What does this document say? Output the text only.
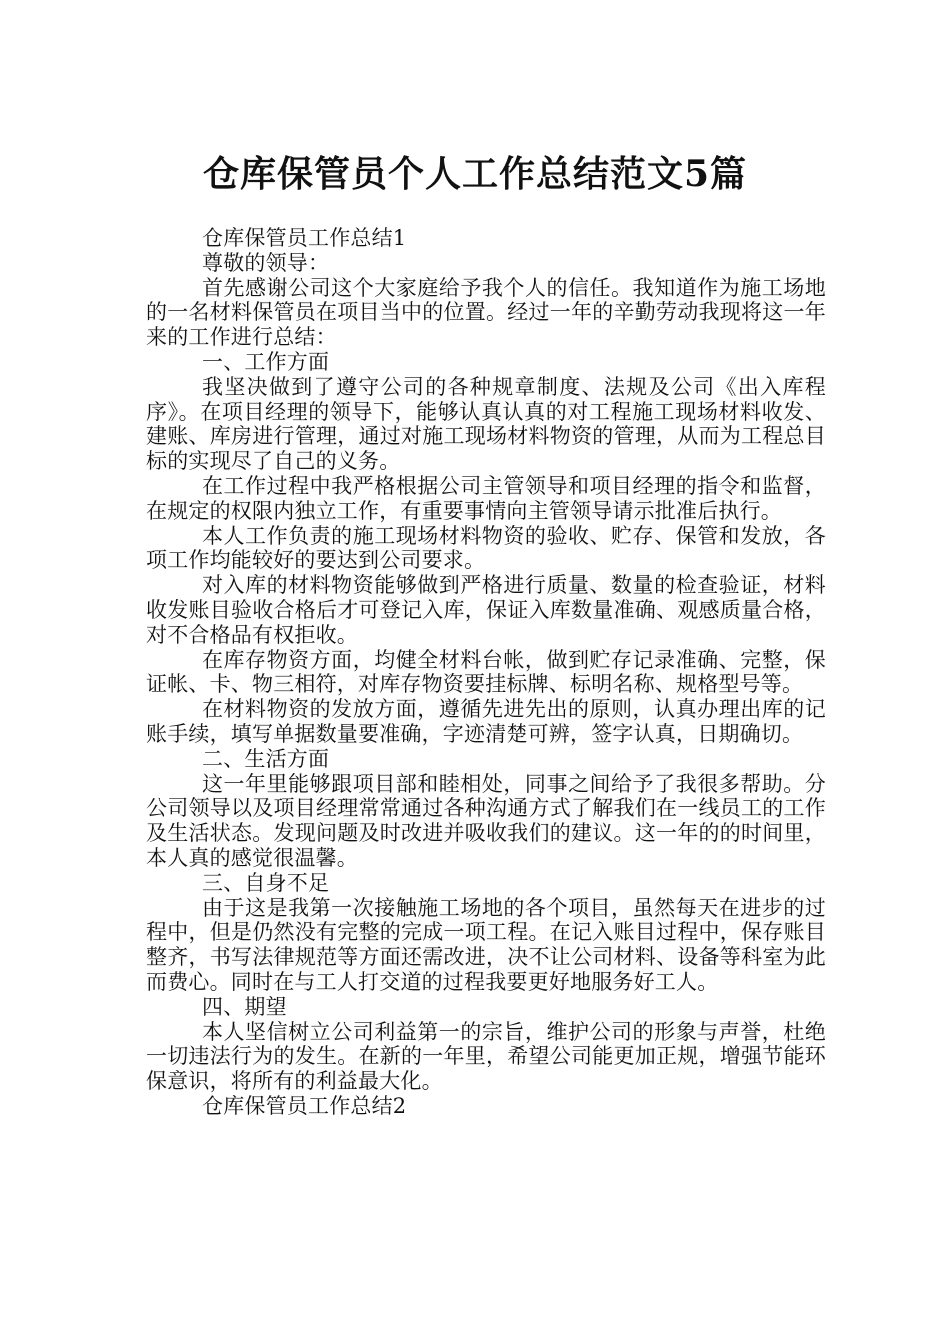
仓库保管员个人工作总结范文5篇

仓库保管员工作总结1

尊敬的领导：

首先感谢公司这个大家庭给予我个人的信任。我知道作为施工场地的一名材料保管员在项目当中的位置。经过一年的辛勤劳动我现将这一年来的工作进行总结：

一、工作方面

我坚决做到了遵守公司的各种规章制度、法规及公司《出入库程序》。在项目经理的领导下，能够认真认真的对工程施工现场材料收发、建账、库房进行管理，通过对施工现场材料物资的管理，从而为工程总目标的实现尽了自己的义务。

在工作过程中我严格根据公司主管领导和项目经理的指令和监督，在规定的权限内独立工作，有重要事情向主管领导请示批准后执行。

本人工作负责的施工现场材料物资的验收、贮存、保管和发放，各项工作均能较好的要达到公司要求。

对入库的材料物资能够做到严格进行质量、数量的检查验证，材料收发账目验收合格后才可登记入库，保证入库数量准确、观感质量合格，对不合格品有权拒收。

在库存物资方面，均健全材料台帐，做到贮存记录准确、完整，保证帐、卡、物三相符，对库存物资要挂标牌、标明名称、规格型号等。

在材料物资的发放方面，遵循先进先出的原则，认真办理出库的记账手续，填写单据数量要准确，字迹清楚可辨，签字认真，日期确切。

二、生活方面

这一年里能够跟项目部和睦相处，同事之间给予了我很多帮助。分公司领导以及项目经理常常通过各种沟通方式了解我们在一线员工的工作及生活状态。发现问题及时改进并吸收我们的建议。这一年的的时间里，本人真的感觉很温馨。

三、自身不足

由于这是我第一次接触施工场地的各个项目，虽然每天在进步的过程中，但是仍然没有完整的完成一项工程。在记入账目过程中，保存账目整齐，书写法律规范等方面还需改进，决不让公司材料、设备等科室为此而费心。同时在与工人打交道的过程我要更好地服务好工人。

四、期望

本人坚信树立公司利益第一的宗旨，维护公司的形象与声誉，杜绝一切违法行为的发生。在新的一年里，希望公司能更加正规，增强节能环保意识，将所有的利益最大化。

仓库保管员工作总结2
